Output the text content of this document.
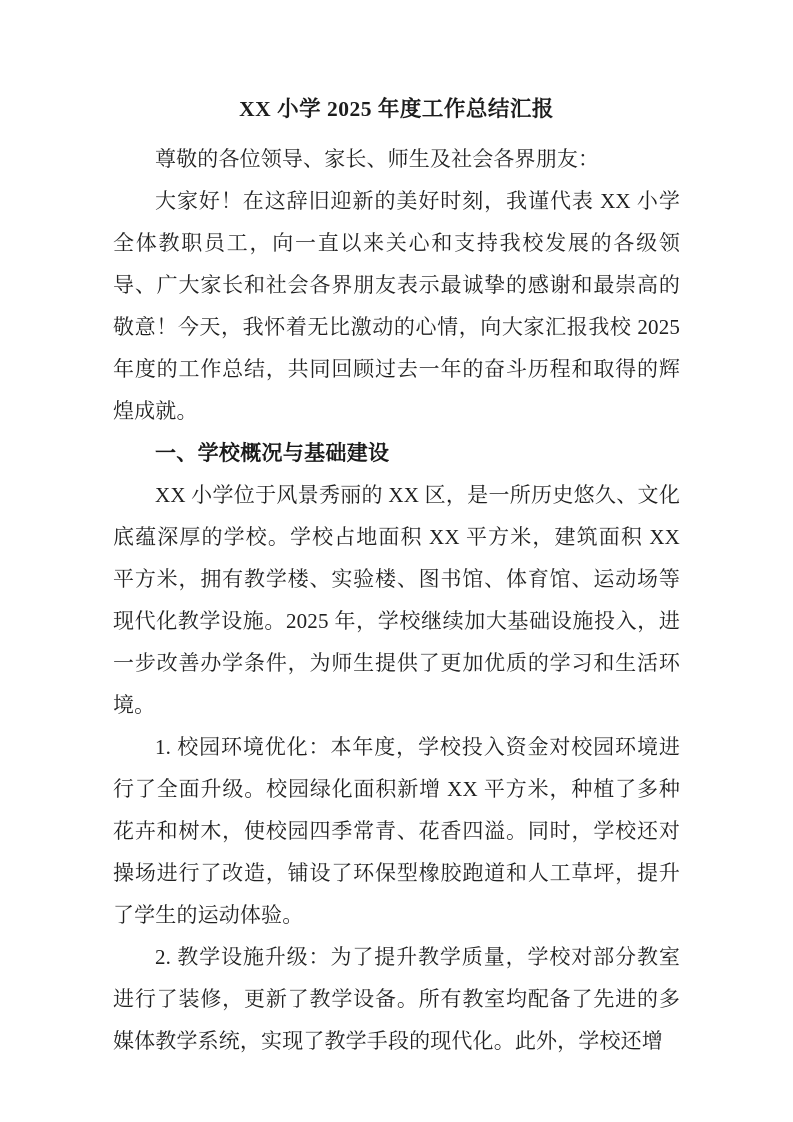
XX 小学 2025 年度工作总结汇报

尊敬的各位领导、家长、师生及社会各界朋友：

大家好！在这辞旧迎新的美好时刻，我谨代表 XX 小学全体教职员工，向一直以来关心和支持我校发展的各级领导、广大家长和社会各界朋友表示最诚挚的感谢和最崇高的敬意！今天，我怀着无比激动的心情，向大家汇报我校 2025 年度的工作总结，共同回顾过去一年的奋斗历程和取得的辉煌成就。

一、学校概况与基础建设

XX 小学位于风景秀丽的 XX 区，是一所历史悠久、文化底蕴深厚的学校。学校占地面积 XX 平方米，建筑面积 XX 平方米，拥有教学楼、实验楼、图书馆、体育馆、运动场等现代化教学设施。2025 年，学校继续加大基础设施投入，进一步改善办学条件，为师生提供了更加优质的学习和生活环境。

1. 校园环境优化：本年度，学校投入资金对校园环境进行了全面升级。校园绿化面积新增 XX 平方米，种植了多种花卉和树木，使校园四季常青、花香四溢。同时，学校还对操场进行了改造，铺设了环保型橡胶跑道和人工草坪，提升了学生的运动体验。

2. 教学设施升级：为了提升教学质量，学校对部分教室进行了装修，更新了教学设备。所有教室均配备了先进的多媒体教学系统，实现了教学手段的现代化。此外，学校还增
